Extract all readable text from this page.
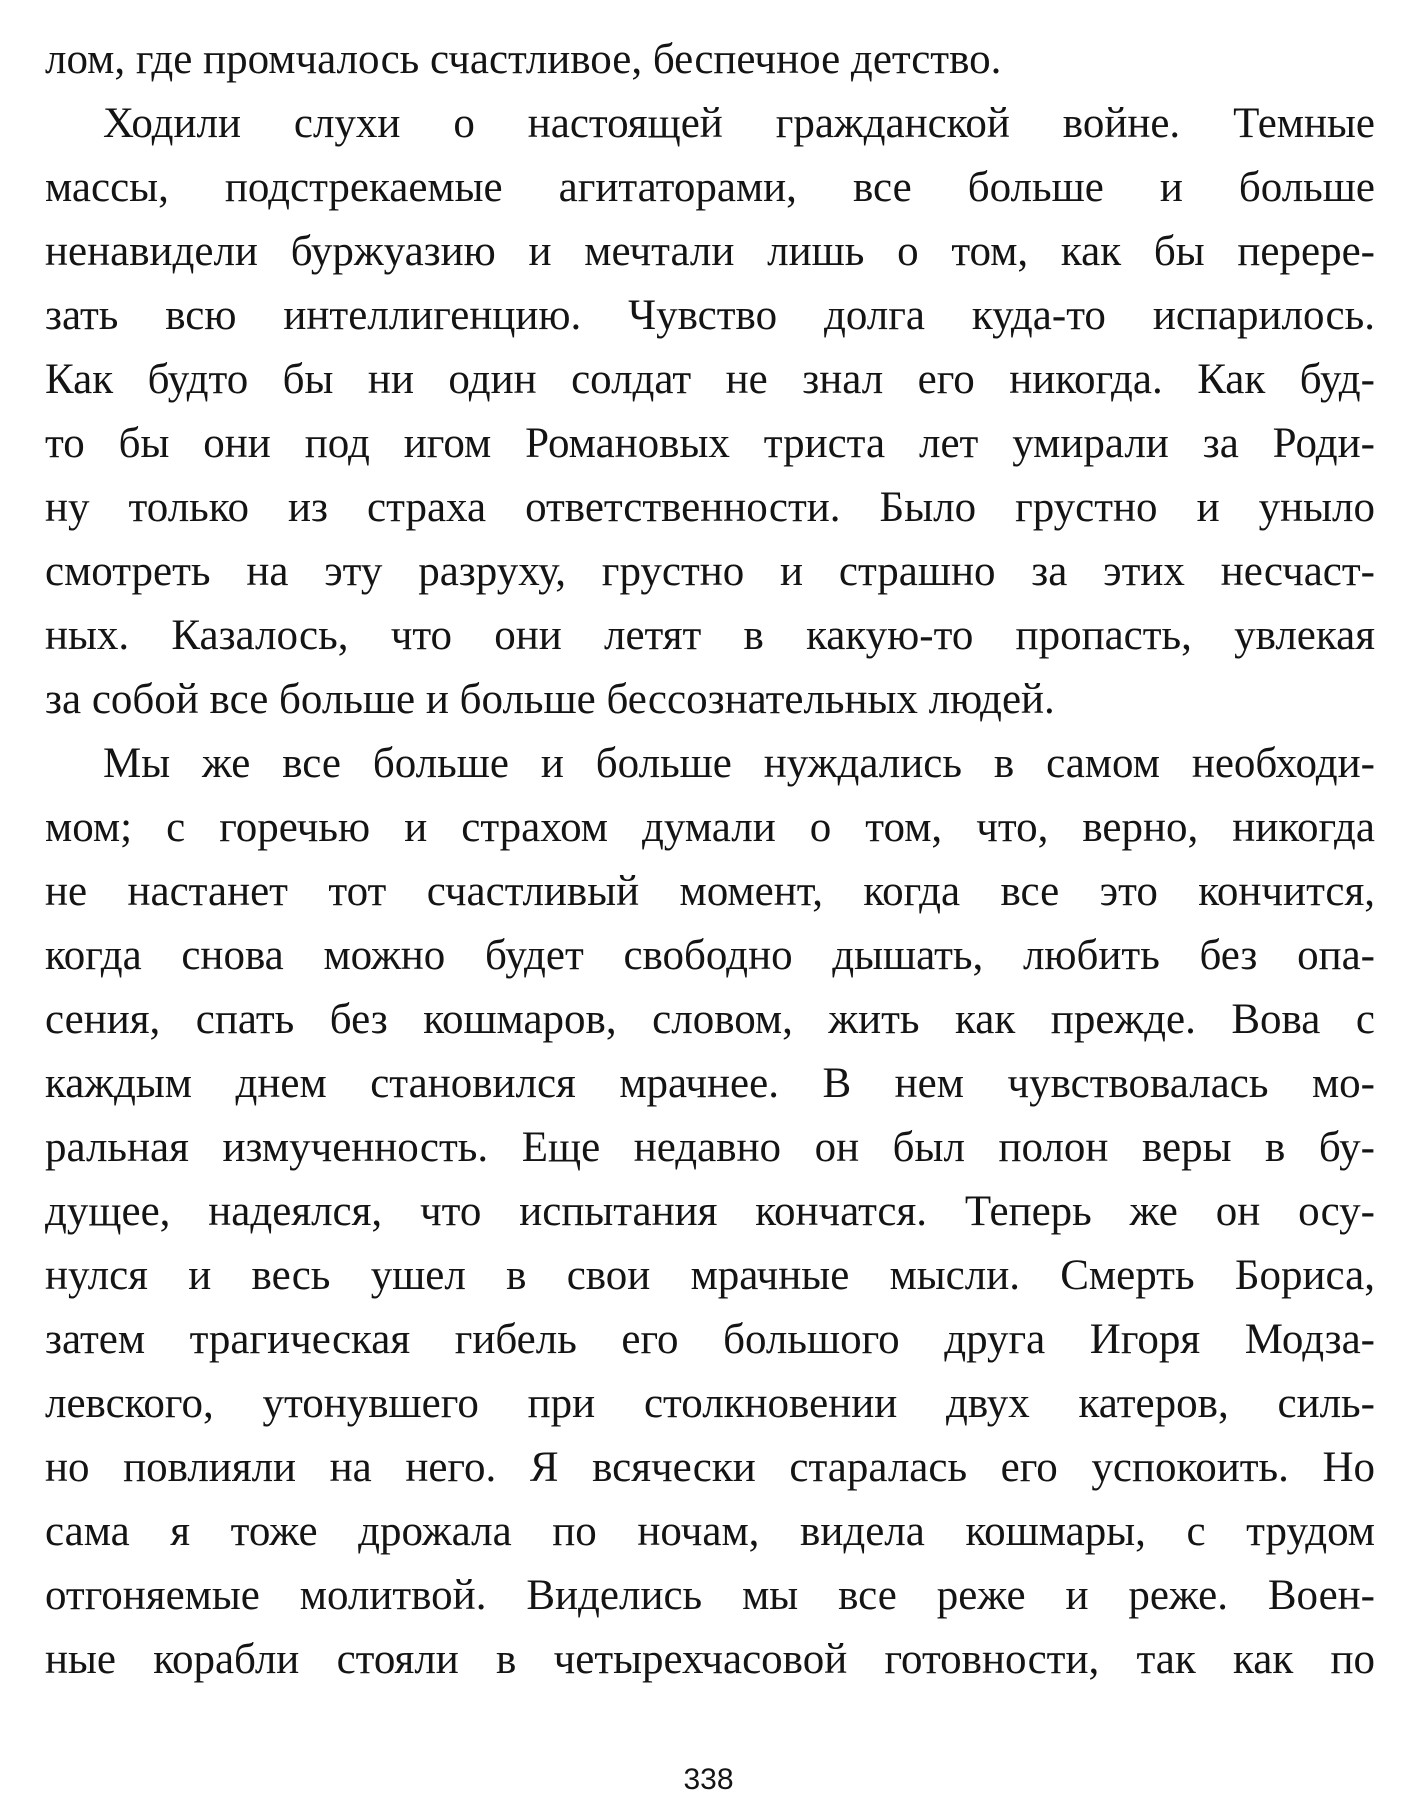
лом, где промчалось счастливое, беспечное детство.
Ходили слухи о настоящей гражданской войне. Темные
массы, подстрекаемые агитаторами, все больше и больше
ненавидели буржуазию и мечтали лишь о том, как бы перере-
зать всю интеллигенцию. Чувство долга куда-то испарилось.
Как будто бы ни один солдат не знал его никогда. Как буд-
то бы они под игом Романовых триста лет умирали за Роди-
ну только из страха ответственности. Было грустно и уныло
смотреть на эту разруху, грустно и страшно за этих несчаст-
ных. Казалось, что они летят в какую-то пропасть, увлекая
за собой все больше и больше бессознательных людей.
Мы же все больше и больше нуждались в самом необходи-
мом; с горечью и страхом думали о том, что, верно, никогда
не настанет тот счастливый момент, когда все это кончится,
когда снова можно будет свободно дышать, любить без опа-
сения, спать без кошмаров, словом, жить как прежде. Вова с
каждым днем становился мрачнее. В нем чувствовалась мо-
ральная измученность. Еще недавно он был полон веры в бу-
дущее, надеялся, что испытания кончатся. Теперь же он осу-
нулся и весь ушел в свои мрачные мысли. Смерть Бориса,
затем трагическая гибель его большого друга Игоря Модза-
левского, утонувшего при столкновении двух катеров, силь-
но повлияли на него. Я всячески старалась его успокоить. Но
сама я тоже дрожала по ночам, видела кошмары, с трудом
отгоняемые молитвой. Виделись мы все реже и реже. Воен-
ные корабли стояли в четырехчасовой готовности, так как по
338
